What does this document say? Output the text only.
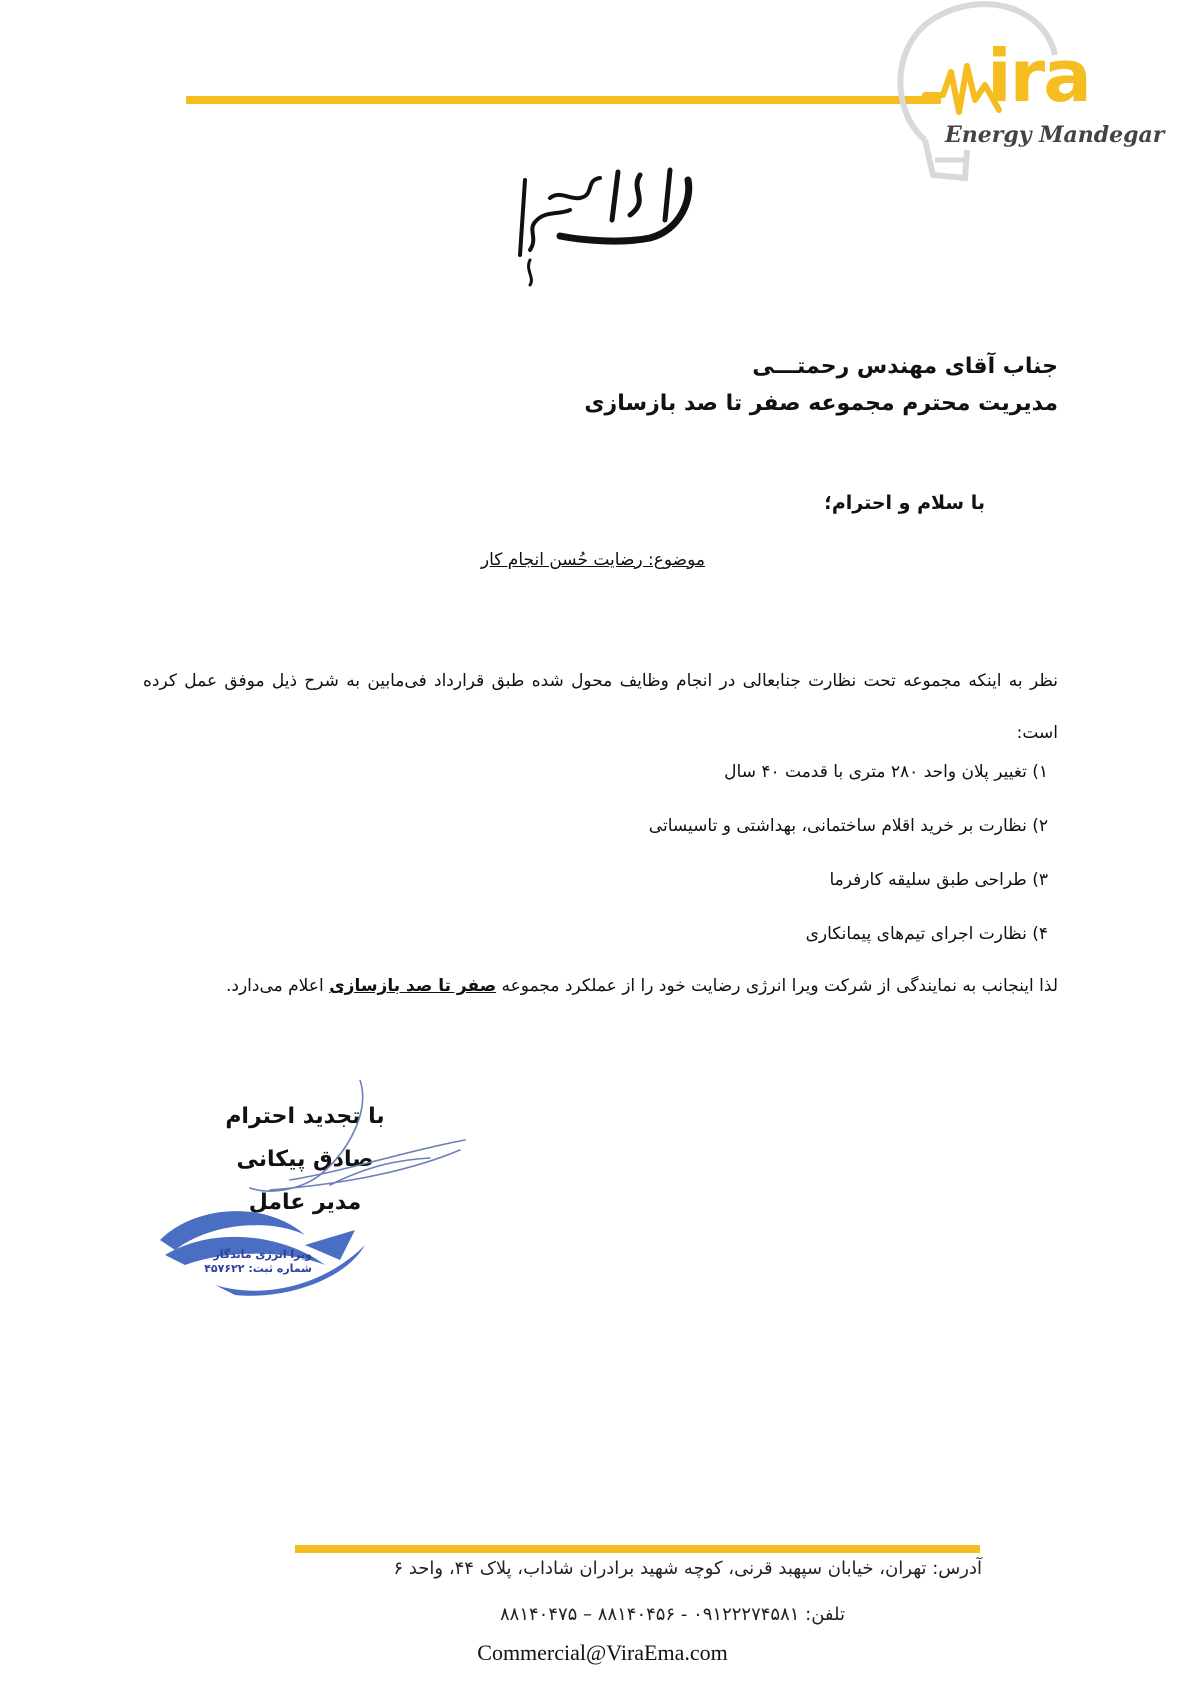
ira
Energy Mandegar
جناب آقای مهندس رحمتـــی
مدیریت محترم مجموعه صفر تا صد بازسازی
با سلام و احترام؛
موضوع: رضایت حُسن انجام کار
نظر به اینکه مجموعه تحت نظارت جنابعالی در انجام وظایف محول شده طبق قرارداد فی‌مابین به شرح ذیل موفق عمل کرده است:
۱) تغییر پلان واحد ۲۸۰ متری با قدمت ۴۰ سال
۲) نظارت بر خرید اقلام ساختمانی، بهداشتی و تاسیساتی
۳) طراحی طبق سلیقه کارفرما
۴) نظارت اجرای تیم‌های پیمانکاری
لذا اینجانب به نمایندگی از شرکت ویرا انرژی رضایت خود را از عملکرد مجموعه صفر تا صد بازسازی اعلام می‌دارد.
با تجدید احترام
صادق پیکانی
مدیر عامل
ویرا انرژی ماندگار
شماره ثبت: ۴۵۷۶۲۲
آدرس: تهران، خیابان سپهبد قرنی، کوچه شهید برادران شاداب، پلاک ۴۴، واحد ۶
تلفن: ۰۹۱۲۲۲۷۴۵۸۱ - ۸۸۱۴۰۴۵۶ – ۸۸۱۴۰۴۷۵
Commercial@ViraEma.com
